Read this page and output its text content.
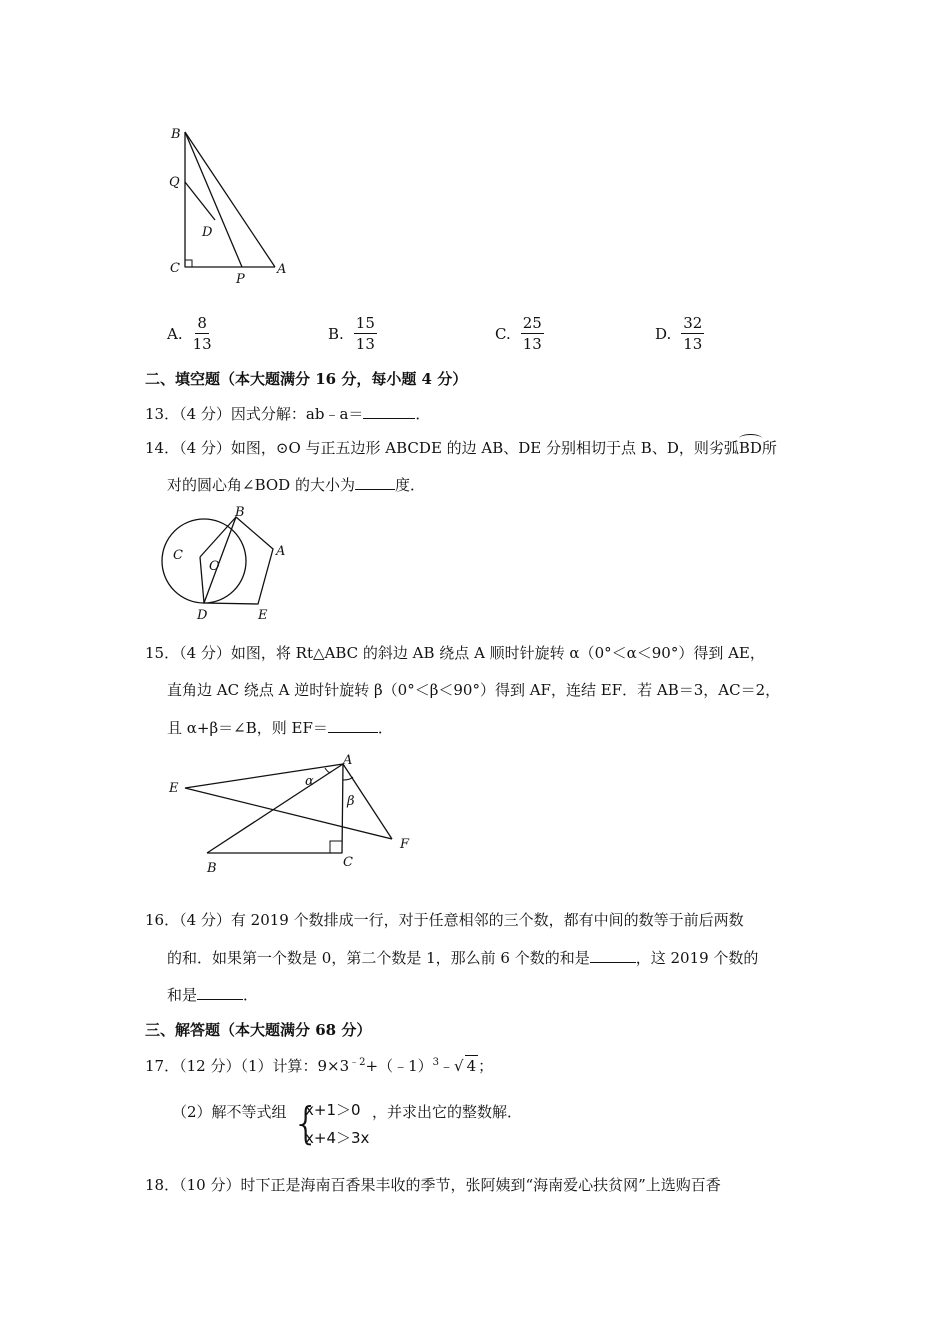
B
Q
D
C
P
A
A. $\frac{8}{13}$	B. $\frac{15}{13}$	C. $\frac{25}{13}$	D. $\frac{32}{13}$
二、填空题（本大题满分 16 分，每小题 4 分）
13．（4 分）因式分解：ab﹣a＝	．
14．（4 分）如图，⊙O 与正五边形 ABCDE 的边 AB、DE 分别相切于点 B、D，则劣弧BD所
对的圆心角∠BOD 的大小为	度．
B
A
C
O
D	E
15．（4 分）如图，将 Rt△ABC 的斜边 AB 绕点 A 顺时针旋转 α（0°＜α＜90°）得到 AE，
直角边 AC 绕点 A 逆时针旋转 β（0°＜β＜90°）得到 AF，连结 EF．若 AB＝3，AC＝2，
且 α+β＝∠B，则 EF＝	．
E
A
α
β
F
B	C
16．（4 分）有 2019 个数排成一行，对于任意相邻的三个数，都有中间的数等于前后两数
的和．如果第一个数是 0，第二个数是 1，那么前 6 个数的和是	，这 2019 个数的
和是	．
三、解答题（本大题满分 68 分）
17．（12 分）（1）计算：$9\times 3^{﹣2}+(﹣1)^3﹣√$ 4 ；
（2）解不等式组 {
x+1＞0
x+4＞3x
，并求出它的整数解．
18．（10 分）时下正是海南百香果丰收的季节，张阿姨到“海南爱心扶贫网”上选购百香
